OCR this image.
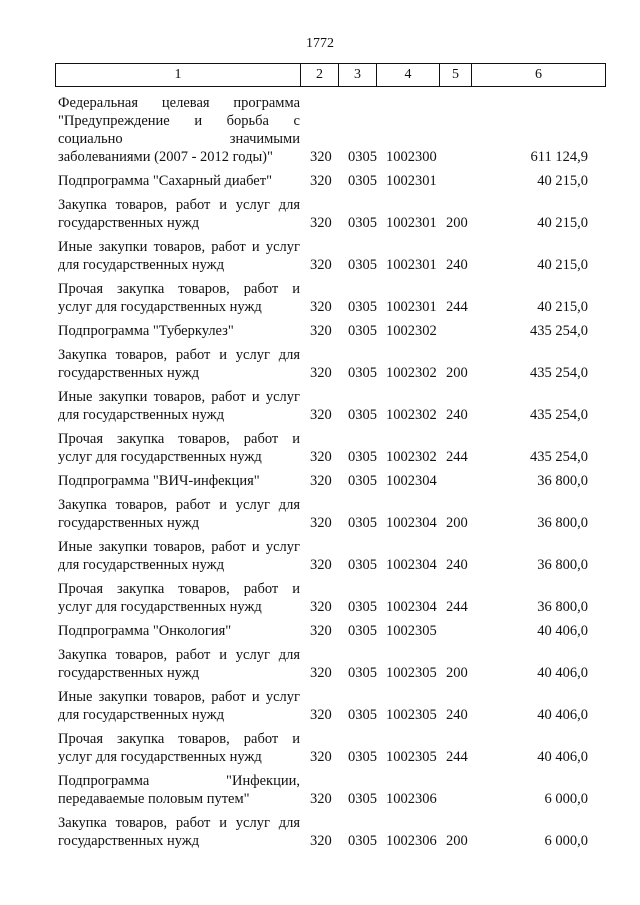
1772
1	2	3	4	5	6
Федеральная целевая программа
"Предупреждение и борьба с
социально значимыми
заболеваниями (2007 - 2012 годы)"	320 0305 1002300	611 124,9
Подпрограмма "Сахарный диабет"	320 0305 1002301	40 215,0
Закупка товаров, работ и услуг для
государственных нужд	320 0305 1002301 200	40 215,0
Иные закупки товаров, работ и услуг
для государственных нужд	320 0305 1002301 240	40 215,0
Прочая закупка товаров, работ и
услуг для государственных нужд	320 0305 1002301 244	40 215,0
Подпрограмма "Туберкулез"	320 0305 1002302	435 254,0
Закупка товаров, работ и услуг для
государственных нужд	320 0305 1002302 200	435 254,0
Иные закупки товаров, работ и услуг
для государственных нужд	320 0305 1002302 240	435 254,0
Прочая закупка товаров, работ и
услуг для государственных нужд	320 0305 1002302 244	435 254,0
Подпрограмма "ВИЧ-инфекция"	320 0305 1002304	36 800,0
Закупка товаров, работ и услуг для
государственных нужд	320 0305 1002304 200	36 800,0
Иные закупки товаров, работ и услуг
для государственных нужд	320 0305 1002304 240	36 800,0
Прочая закупка товаров, работ и
услуг для государственных нужд	320 0305 1002304 244	36 800,0
Подпрограмма "Онкология"	320 0305 1002305	40 406,0
Закупка товаров, работ и услуг для
государственных нужд	320 0305 1002305 200	40 406,0
Иные закупки товаров, работ и услуг
для государственных нужд	320 0305 1002305 240	40 406,0
Прочая закупка товаров, работ и
услуг для государственных нужд	320 0305 1002305 244	40 406,0
Подпрограмма "Инфекции,
передаваемые половым путем"	320 0305 1002306	6 000,0
Закупка товаров, работ и услуг для
государственных нужд	320 0305 1002306 200	6 000,0
